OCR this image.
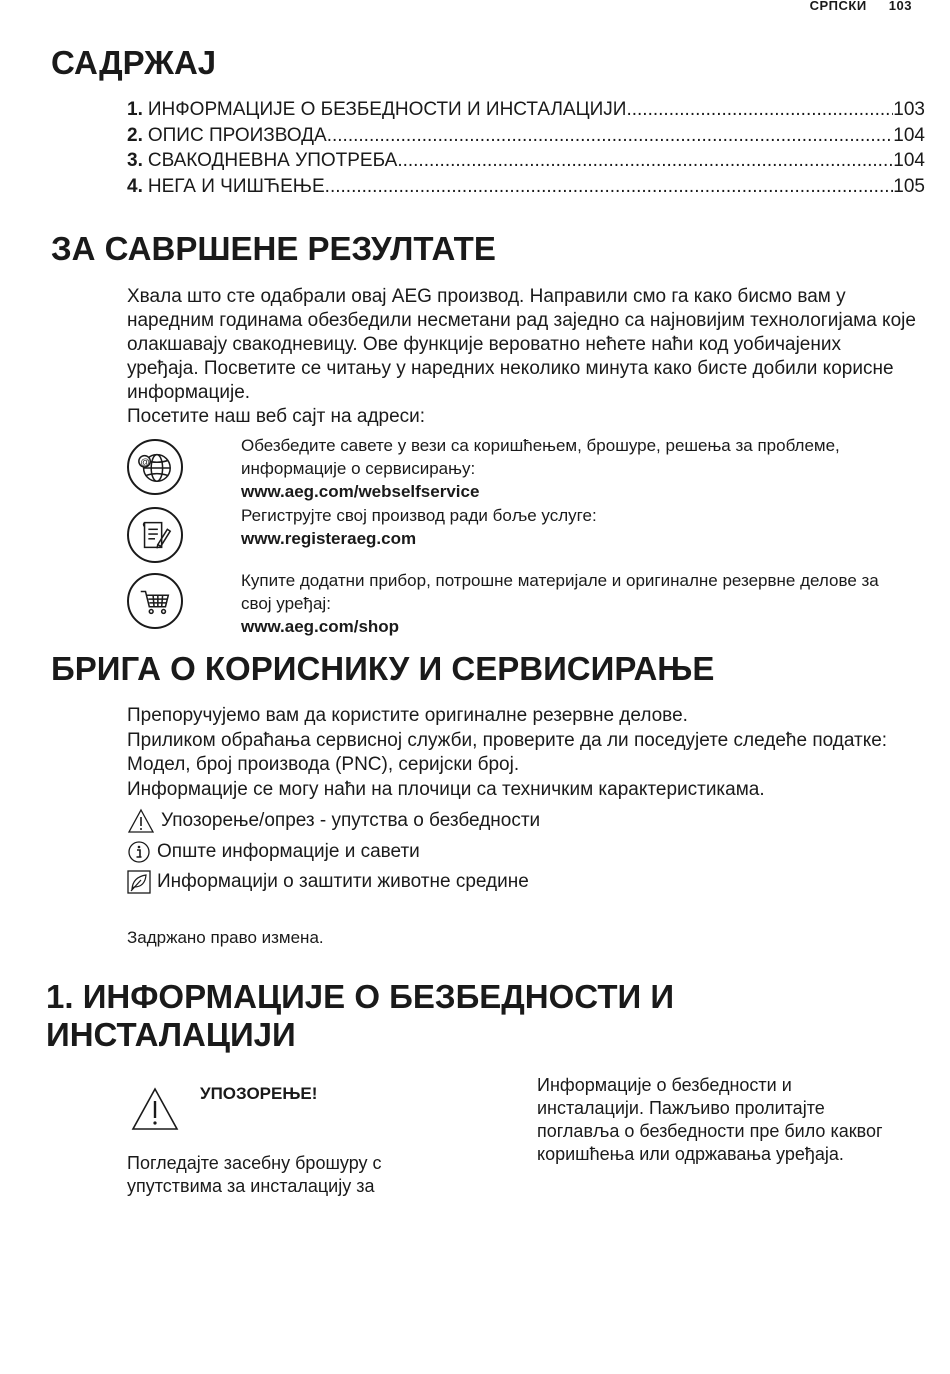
СРПСКИ 103
САДРЖАЈ
1. ИНФОРМАЦИЈЕ О БЕЗБЕДНОСТИ И ИНСТАЛАЦИЈИ .....	103
2. ОПИС ПРОИЗВОДА .....	104
3. СВАКОДНЕВНА УПОТРЕБА .....	104
4. НЕГА И ЧИШЋЕЊЕ .....	105
ЗА САВРШЕНЕ РЕЗУЛТАТЕ

Хвала што сте одабрали овај AEG производ. Направили смо га како бисмо вам у наредним годинама обезбедили несметани рад заједно са најновијим технологијама које олакшавају свакодневицу. Ове функције вероватно нећете наћи код уобичајених уређаја. Посветите се читању у наредних неколико минута како бисте добили корисне информације.

Посетите наш веб сајт на адреси:

@
Обезбедите савете у вези са коришћењем, брошуре, решења за проблеме, информације о сервисирању:
www.aeg.com/webselfservice
Региструјте свој производ ради боље услуге:
www.registeraeg.com
Купите додатни прибор, потрошне материјале и оригиналне резервне делове за свој уређај:
www.aeg.com/shop
БРИГА О КОРИСНИКУ И СЕРВИСИРАЊЕ

Препоручујемо вам да користите оригиналне резервне делове.

Приликом обраћања сервисној служби, проверите да ли поседујете следеће податке: Модел, број производа (PNC), серијски број.

Информације се могу наћи на плочици са техничким карактеристикама.

Упозорење/опрез - упутства о безбедности
Опште информације и савети
Информацији о заштити животне средине
Задржано право измена.
1. ИНФОРМАЦИЈЕ О БЕЗБЕДНОСТИ И ИНСТАЛАЦИЈИ
УПОЗОРЕЊЕ!
Погледајте засебну брошуру с упутствима за инсталацију за
Информације о безбедности и инсталацији. Пажљиво пролитајте поглавља о безбедности пре било каквог коришћења или одржавања уређаја.
